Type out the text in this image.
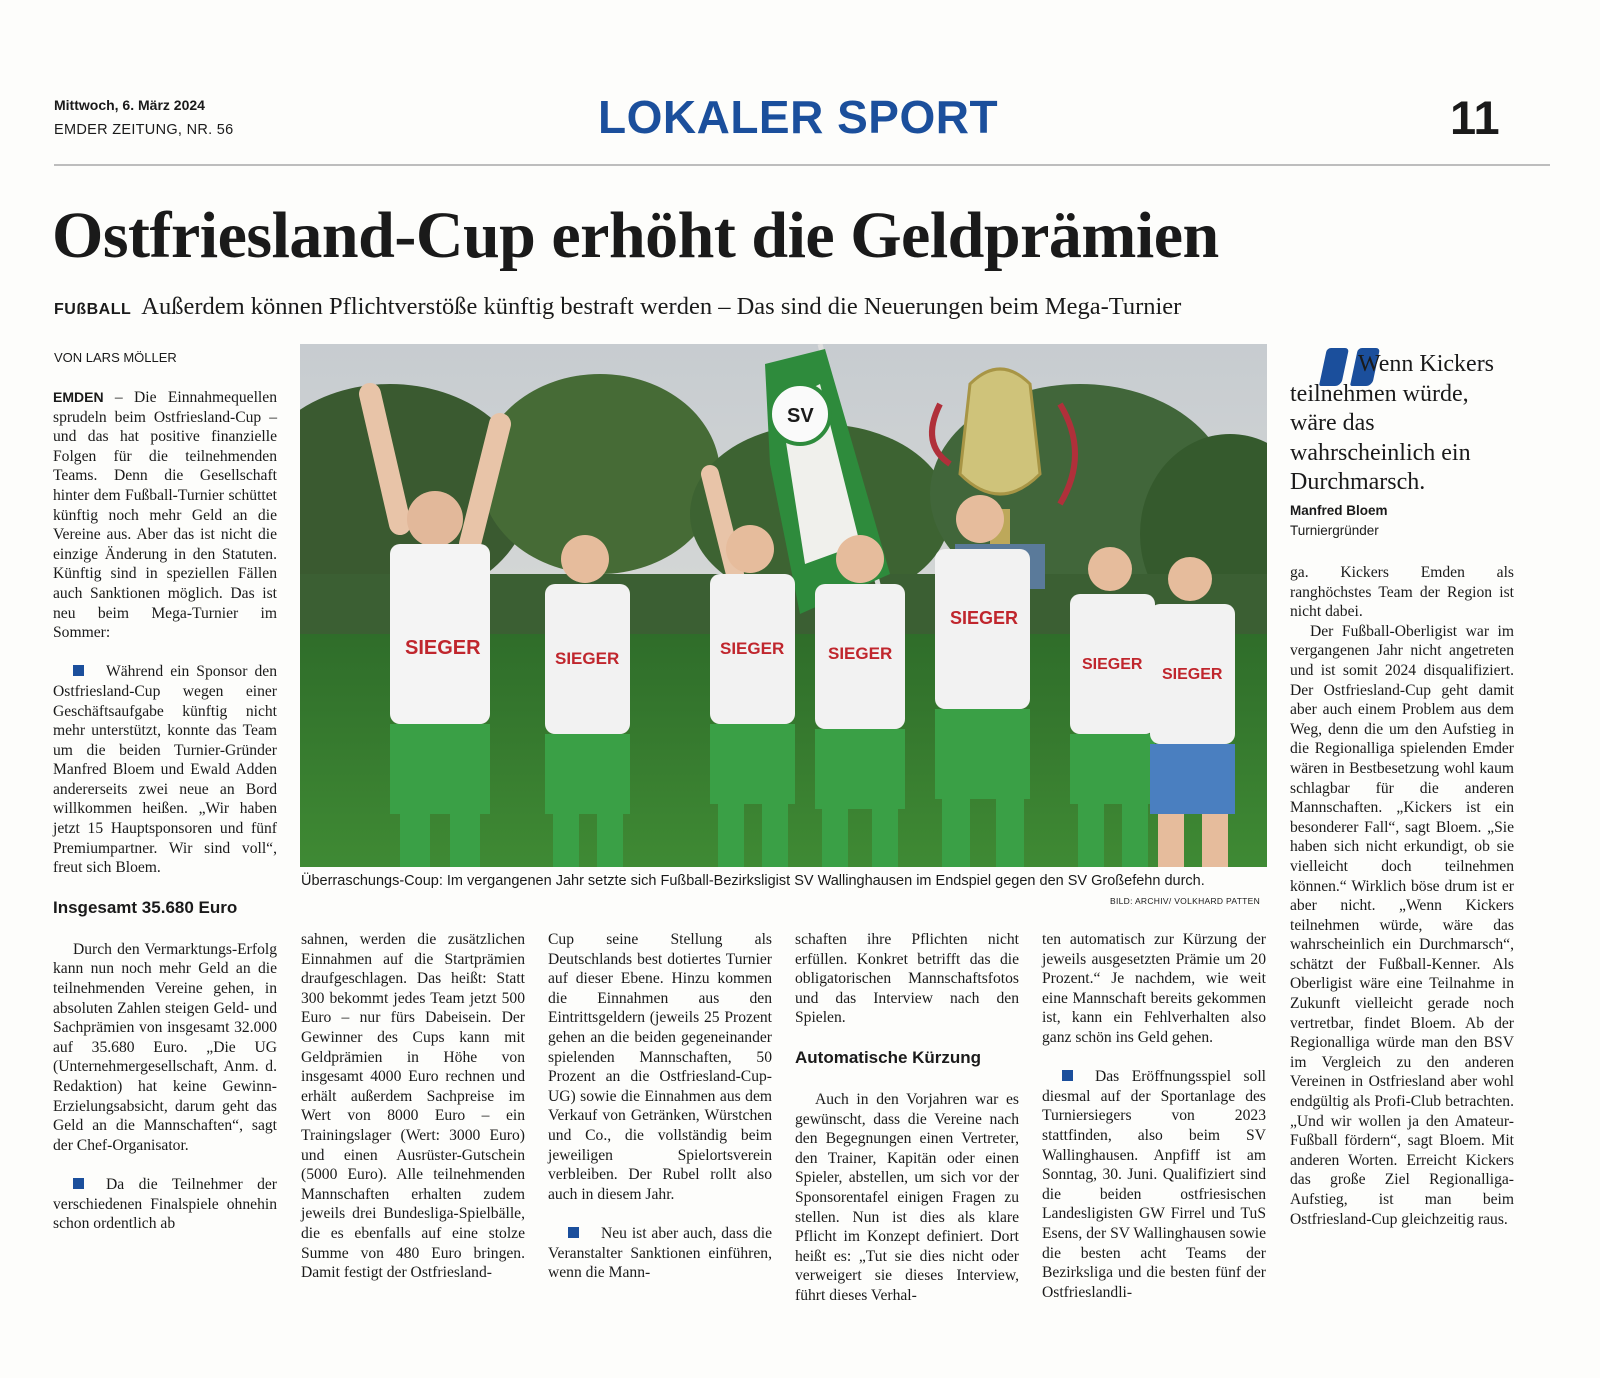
Mittwoch, 6. März 2024
EMDER ZEITUNG, NR. 56	LOKALER SPORT	11
Ostfriesland-Cup erhöht die Geldprämien
FUßBALL Außerdem können Pflichtverstöße künftig bestraft werden – Das sind die Neuerungen beim Mega-Turnier
VON LARS MÖLLER

EMDEN – Die Einnahmequellen sprudeln beim Ostfriesland-Cup – und das hat positive finanzielle Folgen für die teilnehmenden Teams. Denn die Gesellschaft hinter dem Fußball-Turnier schüttet künftig noch mehr Geld an die Vereine aus. Aber das ist nicht die einzige Änderung in den Statuten. Künftig sind in speziellen Fällen auch Sanktionen möglich. Das ist neu beim Mega-Turnier im Sommer:

Während ein Sponsor den Ostfriesland-Cup wegen einer Geschäftsaufgabe künftig nicht mehr unterstützt, konnte das Team um die beiden Turnier-Gründer Manfred Bloem und Ewald Adden andererseits zwei neue an Bord willkommen heißen. „Wir haben jetzt 15 Hauptsponsoren und fünf Premiumpartner. Wir sind voll“, freut sich Bloem.

Insgesamt 35.680 Euro

Durch den Vermarktungs-Erfolg kann nun noch mehr Geld an die teilnehmenden Vereine gehen, in absoluten Zahlen steigen Geld- und Sachprämien von insgesamt 32.000 auf 35.680 Euro. „Die UG (Unternehmergesellschaft, Anm. d. Redaktion) hat keine Gewinn-Erzielungsabsicht, darum geht das Geld an die Mannschaften“, sagt der Chef-Organisator.

Da die Teilnehmer der verschiedenen Finalspiele ohnehin schon ordentlich ab

SV
SIEGER	SIEGER
SIEGER	SIEGER
SIEGER
SIEGER
SIEGER
Überraschungs-Coup: Im vergangenen Jahr setzte sich Fußball-Bezirksligist SV Wallinghausen im Endspiel gegen den SV Großefehn durch.
BILD: ARCHIV/ VOLKHARD PATTEN

sahnen, werden die zusätzlichen Einnahmen auf die Startprämien draufgeschlagen. Das heißt: Statt 300 bekommt jedes Team jetzt 500 Euro – nur fürs Dabeisein. Der Gewinner des Cups kann mit Geldprämien in Höhe von insgesamt 4000 Euro rechnen und erhält außerdem Sachpreise im Wert von 8000 Euro – ein Trainingslager (Wert: 3000 Euro) und einen Ausrüster-Gutschein (5000 Euro). Alle teilnehmenden Mannschaften erhalten zudem jeweils drei Bundesliga-Spielbälle, die es ebenfalls auf eine stolze Summe von 480 Euro bringen. Damit festigt der Ostfriesland-

Cup seine Stellung als Deutschlands best dotiertes Turnier auf dieser Ebene. Hinzu kommen die Einnahmen aus den Eintrittsgeldern (jeweils 25 Prozent gehen an die beiden gegeneinander spielenden Mannschaften, 50 Prozent an die Ostfriesland-Cup-UG) sowie die Einnahmen aus dem Verkauf von Getränken, Würstchen und Co., die vollständig beim jeweiligen Spielortsverein verbleiben. Der Rubel rollt also auch in diesem Jahr.

Neu ist aber auch, dass die Veranstalter Sanktionen einführen, wenn die Mann-

schaften ihre Pflichten nicht erfüllen. Konkret betrifft das die obligatorischen Mannschaftsfotos und das Interview nach den Spielen.

Automatische Kürzung

Auch in den Vorjahren war es gewünscht, dass die Vereine nach den Begegnungen einen Vertreter, den Trainer, Kapitän oder einen Spieler, abstellen, um sich vor der Sponsorentafel einigen Fragen zu stellen. Nun ist dies als klare Pflicht im Konzept definiert. Dort heißt es: „Tut sie dies nicht oder verweigert sie dieses Interview, führt dieses Verhal-

ten automatisch zur Kürzung der jeweils ausgesetzten Prämie um 20 Prozent.“ Je nachdem, wie weit eine Mannschaft bereits gekommen ist, kann ein Fehlverhalten also ganz schön ins Geld gehen.

Das Eröffnungsspiel soll diesmal auf der Sportanlage des Turniersiegers von 2023 stattfinden, also beim SV Wallinghausen. Anpfiff ist am Sonntag, 30. Juni. Qualifiziert sind die beiden ostfriesischen Landesligisten GW Firrel und TuS Esens, der SV Wallinghausen sowie die besten acht Teams der Bezirksliga und die besten fünf der Ostfrieslandli-

Wenn Kickers teilnehmen würde, wäre das wahrscheinlich ein Durchmarsch.
Manfred Bloem
Turniergründer

ga. Kickers Emden als ranghöchstes Team der Region ist nicht dabei.

Der Fußball-Oberligist war im vergangenen Jahr nicht angetreten und ist somit 2024 disqualifiziert. Der Ostfriesland-Cup geht damit aber auch einem Problem aus dem Weg, denn die um den Aufstieg in die Regionalliga spielenden Emder wären in Bestbesetzung wohl kaum schlagbar für die anderen Mannschaften. „Kickers ist ein besonderer Fall“, sagt Bloem. „Sie haben sich nicht erkundigt, ob sie vielleicht doch teilnehmen können.“ Wirklich böse drum ist er aber nicht. „Wenn Kickers teilnehmen würde, wäre das wahrscheinlich ein Durchmarsch“, schätzt der Fußball-Kenner. Als Oberligist wäre eine Teilnahme in Zukunft vielleicht gerade noch vertretbar, findet Bloem. Ab der Regionalliga würde man den BSV im Vergleich zu den anderen Vereinen in Ostfriesland aber wohl endgültig als Profi-Club betrachten. „Und wir wollen ja den Amateur-Fußball fördern“, sagt Bloem. Mit anderen Worten. Erreicht Kickers das große Ziel Regionalliga-Aufstieg, ist man beim Ostfriesland-Cup gleichzeitig raus.
